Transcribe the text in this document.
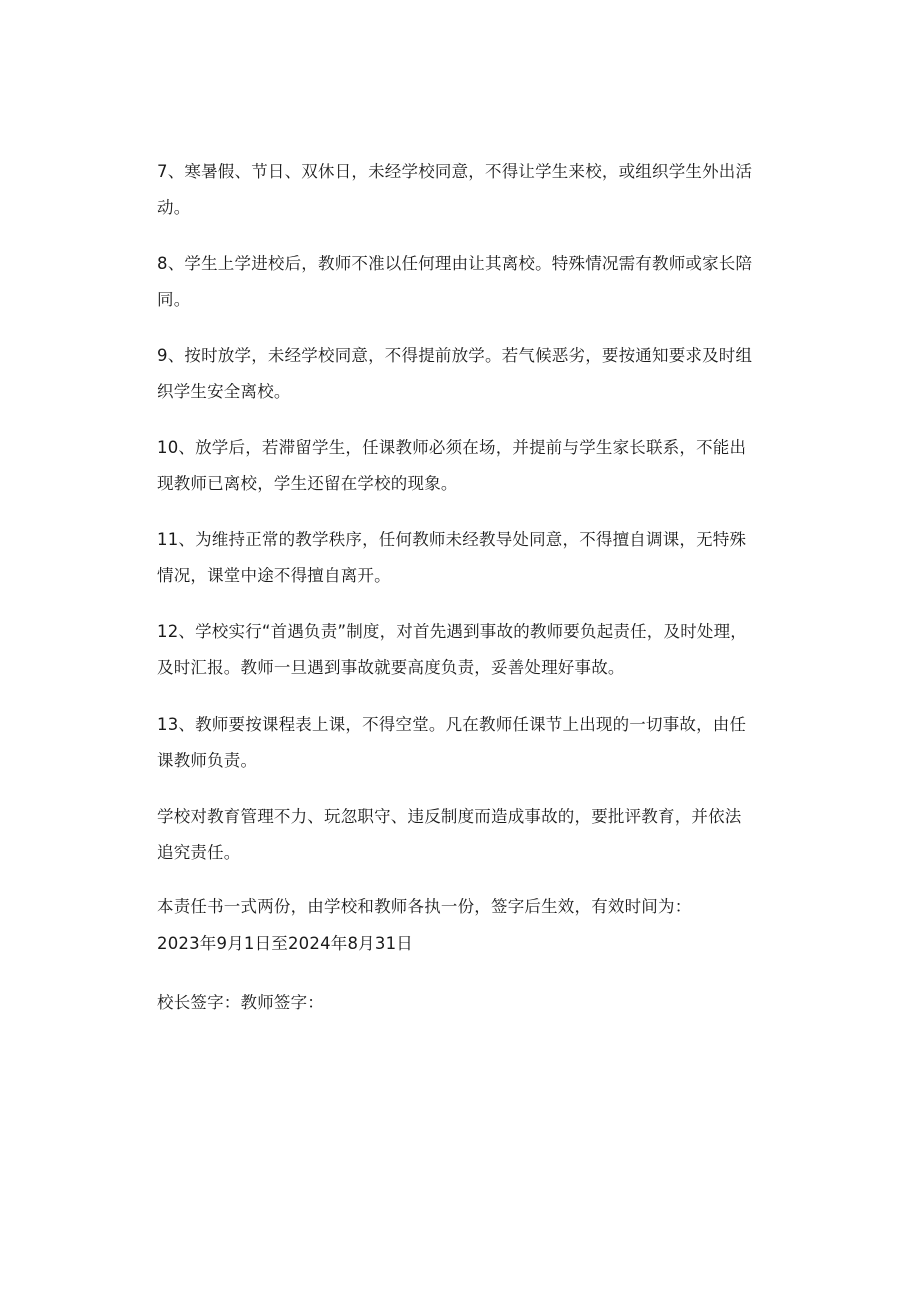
7、寒暑假、节日、双休日，未经学校同意，不得让学生来校，或组织学生外出活动。

8、学生上学进校后，教师不准以任何理由让其离校。特殊情况需有教师或家长陪同。

9、按时放学，未经学校同意，不得提前放学。若气候恶劣，要按通知要求及时组织学生安全离校。

10、放学后，若滞留学生，任课教师必须在场，并提前与学生家长联系，不能出现教师已离校，学生还留在学校的现象。

11、为维持正常的教学秩序，任何教师未经教导处同意，不得擅自调课，无特殊情况，课堂中途不得擅自离开。

12、学校实行“首遇负责”制度，对首先遇到事故的教师要负起责任，及时处理，及时汇报。教师一旦遇到事故就要高度负责，妥善处理好事故。

13、教师要按课程表上课，不得空堂。凡在教师任课节上出现的一切事故，由任课教师负责。

学校对教育管理不力、玩忽职守、违反制度而造成事故的，要批评教育，并依法追究责任。

本责任书一式两份，由学校和教师各执一份，签字后生效，有效时间为：

2023年9月1日至2024年8月31日

校长签字：教师签字：
